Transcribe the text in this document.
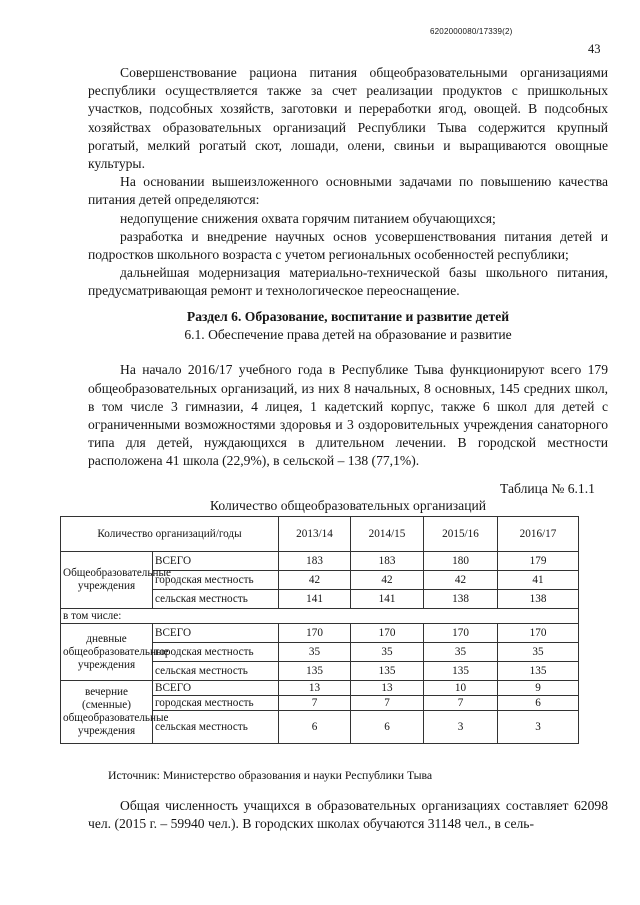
6202000080/17339(2)
43

Совершенствование рациона питания общеобразовательными организациями республики осуществляется также за счет реализации продуктов с пришкольных участков, подсобных хозяйств, заготовки и переработки ягод, овощей. В подсобных хозяйствах образовательных организаций Республики Тыва содержится крупный рогатый, мелкий рогатый скот, лошади, олени, свиньи и выращиваются овощные культуры.

На основании вышеизложенного основными задачами по повышению качества питания детей определяются:

недопущение снижения охвата горячим питанием обучающихся;

разработка и внедрение научных основ усовершенствования питания детей и подростков школьного возраста с учетом региональных особенностей республики;

дальнейшая модернизация материально-технической базы школьного питания, предусматривающая ремонт и технологическое переоснащение.

Раздел 6. Образование, воспитание и развитие детей

6.1. Обеспечение права детей на образование и развитие

На начало 2016/17 учебного года в Республике Тыва функционируют всего 179 общеобразовательных организаций, из них 8 начальных, 8 основных, 145 средних школ, в том числе 3 гимназии, 4 лицея, 1 кадетский корпус, также 6 школ для детей с ограниченными возможностями здоровья и 3 оздоровительных учреждения санаторного типа для детей, нуждающихся в длительном лечении. В городской местности расположена 41 школа (22,9%), в сельской – 138 (77,1%).

Таблица № 6.1.1
Количество общеобразовательных организаций
Количество организаций/годы		2013/14	2014/15	2015/16	2016/17
Общеобразовательные учреждения	ВСЕГО	183	183	180	179
	городская местность	42	42	42	41
	сельская местность	141	141	138	138
в том числе:					
дневные общеобразовательные учреждения	ВСЕГО	170	170	170	170
	городская местность	35	35	35	35
	сельская местность	135	135	135	135
вечерние (сменные) общеобразовательные учреждения	ВСЕГО	13	13	10	9
	городская местность	7	7	7	6
	сельская местность	6	6	3	3
Источник: Министерство образования и науки Республики Тыва

Общая численность учащихся в образовательных организациях составляет 62098 чел. (2015 г. – 59940 чел.). В городских школах обучаются 31148 чел., в сель-
